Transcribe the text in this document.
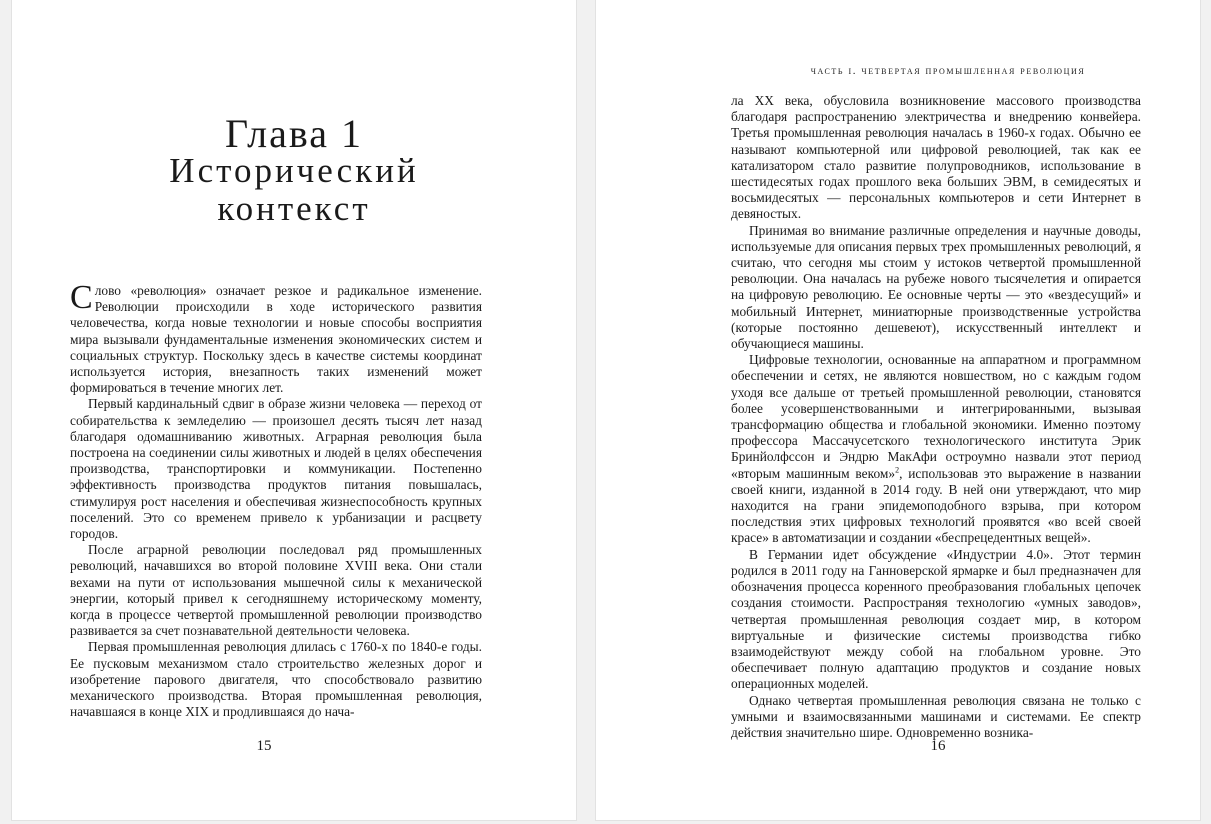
Глава 1
Исторический
контекст

Слово «революция» означает резкое и радикальное изменение. Революции происходили в ходе исторического развития человечества, когда новые технологии и новые способы восприятия мира вызывали фундаментальные изменения экономических систем и социальных структур. Поскольку здесь в качестве системы координат используется история, внезапность таких изменений может формироваться в течение многих лет.

Первый кардинальный сдвиг в образе жизни человека — переход от собирательства к земледелию — произошел десять тысяч лет назад благодаря одомашниванию животных. Аграрная революция была построена на соединении силы животных и людей в целях обеспечения производства, транспортировки и коммуникации. Постепенно эффективность производства продуктов питания повышалась, стимулируя рост населения и обеспечивая жизнеспособность крупных поселений. Это со временем привело к урбанизации и расцвету городов.

После аграрной революции последовал ряд промышленных революций, начавшихся во второй половине XVIII века. Они стали вехами на пути от использования мышечной силы к механической энергии, который привел к сегодняшнему историческому моменту, когда в процессе четвертой промышленной революции производство развивается за счет познавательной деятельности человека.

Первая промышленная революция длилась с 1760-х по 1840-е годы. Ее пусковым механизмом стало строительство железных дорог и изобретение парового двигателя, что способствовало развитию механического производства. Вторая промышленная революция, начавшаяся в конце XIX и продлившаяся до нача-

15
часть i. четвертая промышленная революция

ла XX века, обусловила возникновение массового производства благодаря распространению электричества и внедрению конвейера. Третья промышленная революция началась в 1960-х годах. Обычно ее называют компьютерной или цифровой революцией, так как ее катализатором стало развитие полупроводников, использование в шестидесятых годах прошлого века больших ЭВМ, в семидесятых и восьмидесятых — персональных компьютеров и сети Интернет в девяностых.

Принимая во внимание различные определения и научные доводы, используемые для описания первых трех промышленных революций, я считаю, что сегодня мы стоим у истоков четвертой промышленной революции. Она началась на рубеже нового тысячелетия и опирается на цифровую революцию. Ее основные черты — это «вездесущий» и мобильный Интернет, миниатюрные производственные устройства (которые постоянно дешевеют), искусственный интеллект и обучающиеся машины.

Цифровые технологии, основанные на аппаратном и программном обеспечении и сетях, не являются новшеством, но с каждым годом уходя все дальше от третьей промышленной революции, становятся более усовершенствованными и интегрированными, вызывая трансформацию общества и глобальной экономики. Именно поэтому профессора Массачусетского технологического института Эрик Бринйолфссон и Эндрю МакАфи остроумно назвали этот период «вторым машинным веком»$^2$, использовав это выражение в названии своей книги, изданной в 2014 году. В ней они утверждают, что мир находится на грани эпидемоподобного взрыва, при котором последствия этих цифровых технологий проявятся «во всей своей красе» в автоматизации и создании «беспрецедентных вещей».

В Германии идет обсуждение «Индустрии 4.0». Этот термин родился в 2011 году на Ганноверской ярмарке и был предназначен для обозначения процесса коренного преобразования глобальных цепочек создания стоимости. Распространяя технологию «умных заводов», четвертая промышленная революция создает мир, в котором виртуальные и физические системы производства гибко взаимодействуют между собой на глобальном уровне. Это обеспечивает полную адаптацию продуктов и создание новых операционных моделей.

Однако четвертая промышленная революция связана не только с умными и взаимосвязанными машинами и системами. Ее спектр действия значительно шире. Одновременно возника-

16
